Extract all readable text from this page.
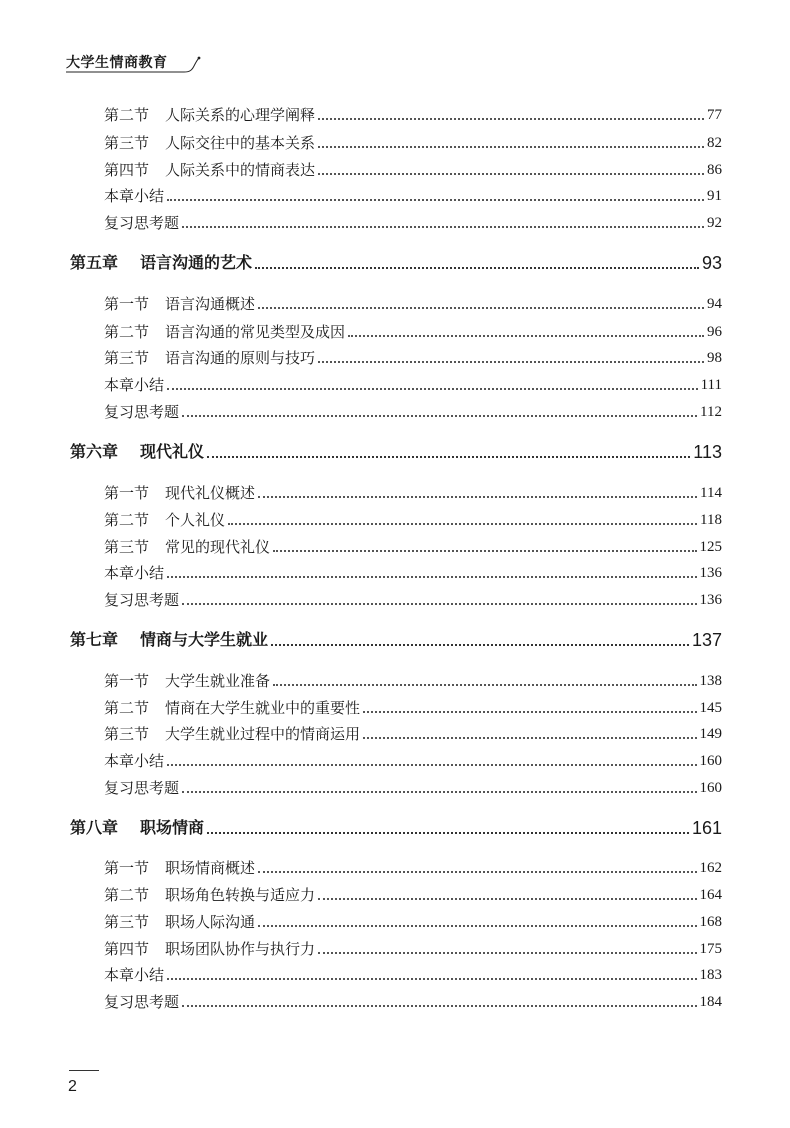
大学生情商教育
第二节 人际关系的心理学阐释	77
第三节 人际交往中的基本关系	82
第四节 人际关系中的情商表达	86
本章小结	91
复习思考题	92
第五章 语言沟通的艺术	93
第一节 语言沟通概述	94
第二节 语言沟通的常见类型及成因	96
第三节 语言沟通的原则与技巧	98
本章小结	111
复习思考题	112
第六章 现代礼仪	113
第一节 现代礼仪概述	114
第二节 个人礼仪	118
第三节 常见的现代礼仪	125
本章小结	136
复习思考题	136
第七章 情商与大学生就业	137
第一节 大学生就业准备	138
第二节 情商在大学生就业中的重要性	145
第三节 大学生就业过程中的情商运用	149
本章小结	160
复习思考题	160
第八章 职场情商	161
第一节 职场情商概述	162
第二节 职场角色转换与适应力	164
第三节 职场人际沟通	168
第四节 职场团队协作与执行力	175
本章小结	183
复习思考题	184
2
